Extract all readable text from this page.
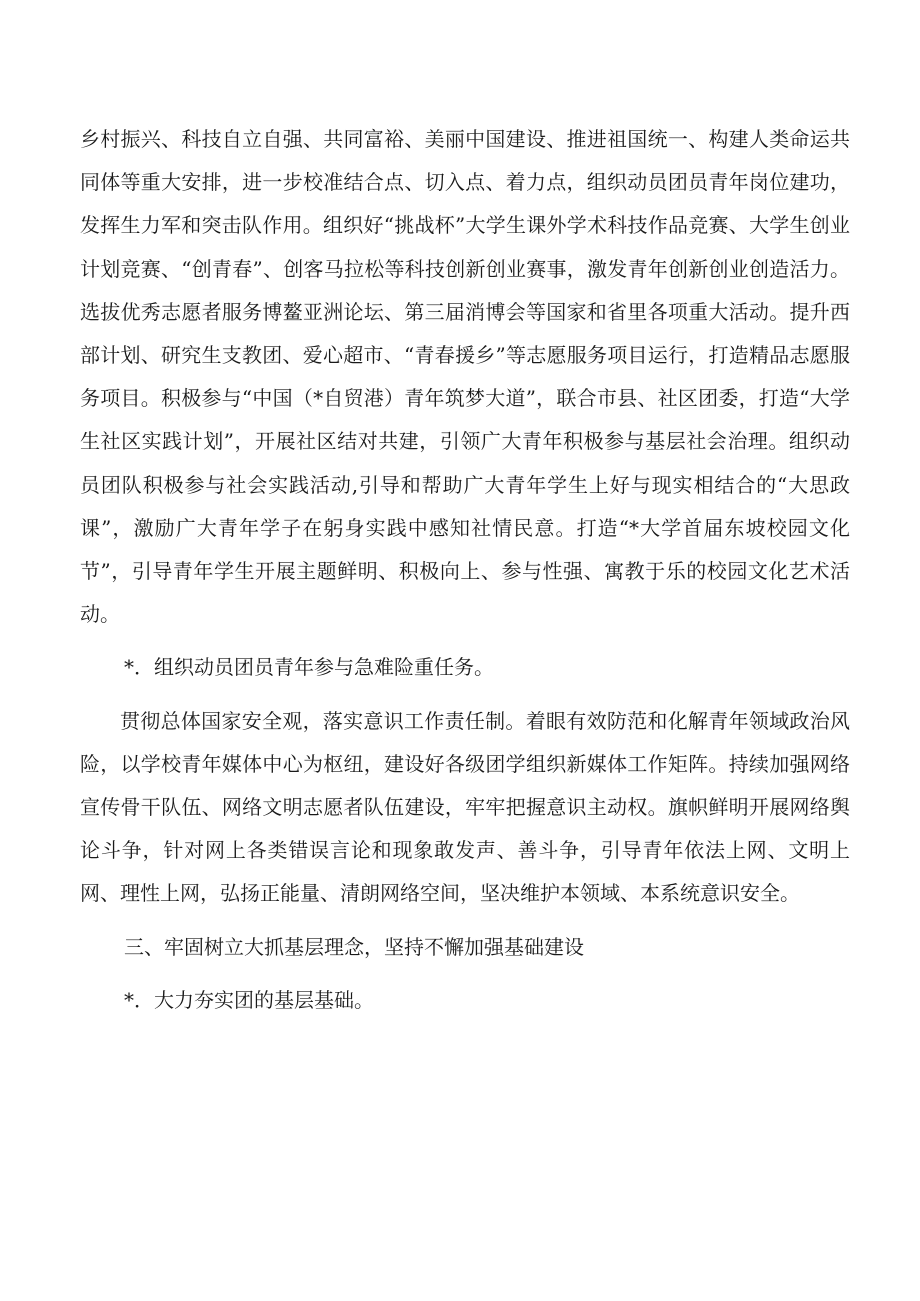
乡村振兴、科技自立自强、共同富裕、美丽中国建设、推进祖国统一、构建人类命运共同体等重大安排，进一步校准结合点、切入点、着力点，组织动员团员青年岗位建功，发挥生力军和突击队作用。组织好“挑战杯”大学生课外学术科技作品竞赛、大学生创业计划竞赛、“创青春”、创客马拉松等科技创新创业赛事，激发青年创新创业创造活力。选拔优秀志愿者服务博鳌亚洲论坛、第三届消博会等国家和省里各项重大活动。提升西部计划、研究生支教团、爱心超市、“青春援乡”等志愿服务项目运行，打造精品志愿服务项目。积极参与“中国（*自贸港）青年筑梦大道”，联合市县、社区团委，打造“大学生社区实践计划”，开展社区结对共建，引领广大青年积极参与基层社会治理。组织动员团队积极参与社会实践活动,引导和帮助广大青年学生上好与现实相结合的“大思政课”，激励广大青年学子在躬身实践中感知社情民意。打造“*大学首届东坡校园文化节”，引导青年学生开展主题鲜明、积极向上、参与性强、寓教于乐的校园文化艺术活动。

*．组织动员团员青年参与急难险重任务。

贯彻总体国家安全观，落实意识工作责任制。着眼有效防范和化解青年领域政治风险，以学校青年媒体中心为枢纽，建设好各级团学组织新媒体工作矩阵。持续加强网络宣传骨干队伍、网络文明志愿者队伍建设，牢牢把握意识主动权。旗帜鲜明开展网络舆论斗争，针对网上各类错误言论和现象敢发声、善斗争，引导青年依法上网、文明上网、理性上网，弘扬正能量、清朗网络空间，坚决维护本领域、本系统意识安全。

三、牢固树立大抓基层理念，坚持不懈加强基础建设

*．大力夯实团的基层基础。
